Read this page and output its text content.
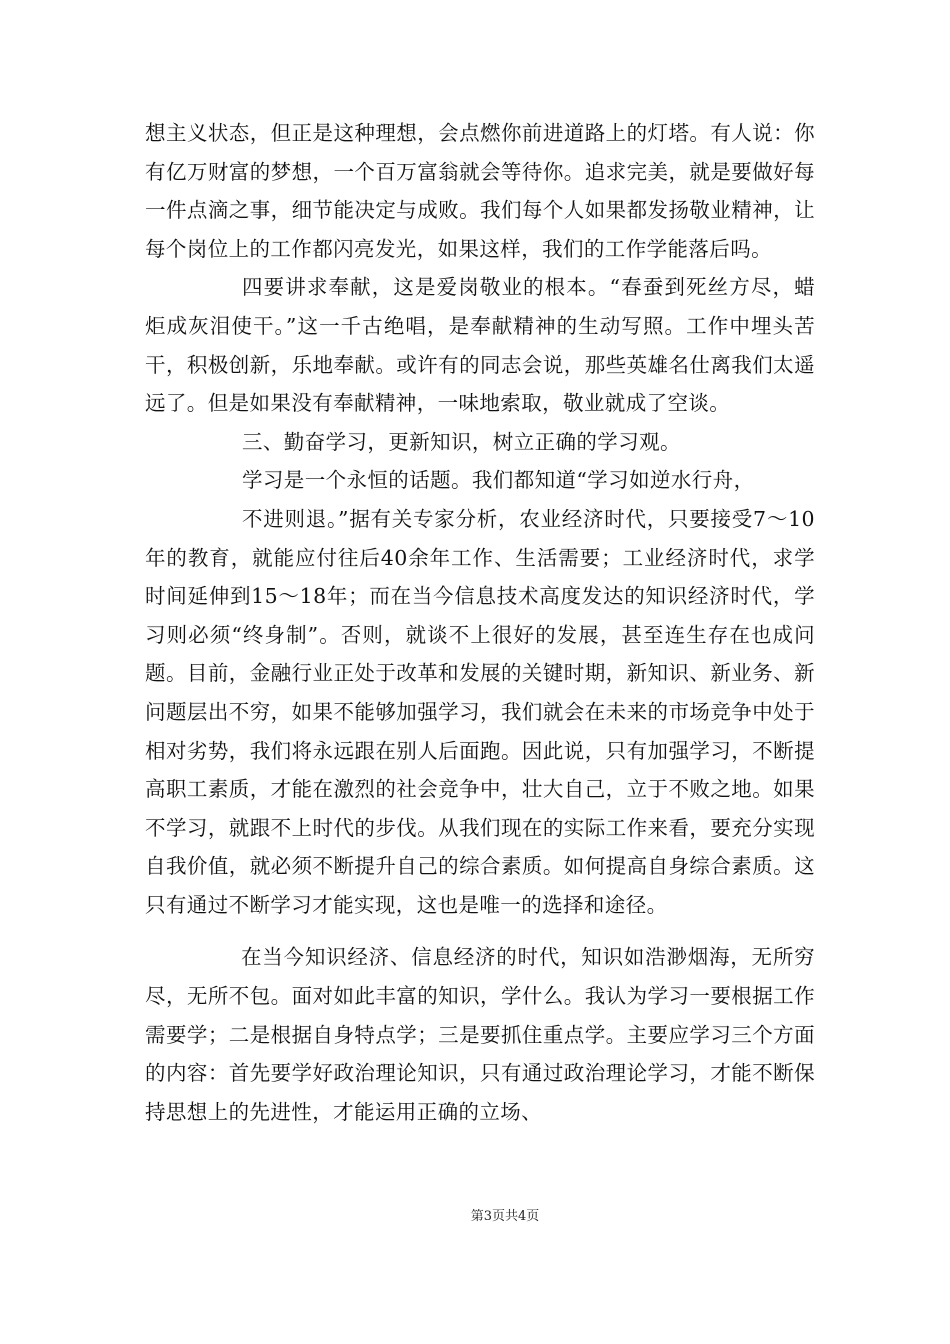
想主义状态，但正是这种理想，会点燃你前进道路上的灯塔。有人说：你有亿万财富的梦想，一个百万富翁就会等待你。追求完美，就是要做好每一件点滴之事，细节能决定与成败。我们每个人如果都发扬敬业精神，让每个岗位上的工作都闪亮发光，如果这样，我们的工作学能落后吗。

四要讲求奉献，这是爱岗敬业的根本。“春蚕到死丝方尽，蜡炬成灰泪使干。”这一千古绝唱，是奉献精神的生动写照。工作中埋头苦干，积极创新，乐地奉献。或许有的同志会说，那些英雄名仕离我们太遥远了。但是如果没有奉献精神，一味地索取，敬业就成了空谈。

三、勤奋学习，更新知识，树立正确的学习观。

学习是一个永恒的话题。我们都知道“学习如逆水行舟，

不进则退。”据有关专家分析，农业经济时代，只要接受7～10年的教育，就能应付往后40余年工作、生活需要；工业经济时代，求学时间延伸到15～18年；而在当今信息技术高度发达的知识经济时代，学习则必须“终身制”。否则，就谈不上很好的发展，甚至连生存在也成问题。目前，金融行业正处于改革和发展的关键时期，新知识、新业务、新问题层出不穷，如果不能够加强学习，我们就会在未来的市场竞争中处于相对劣势，我们将永远跟在别人后面跑。因此说，只有加强学习，不断提高职工素质，才能在激烈的社会竞争中，壮大自己，立于不败之地。如果不学习，就跟不上时代的步伐。从我们现在的实际工作来看，要充分实现自我价值，就必须不断提升自己的综合素质。如何提高自身综合素质。这只有通过不断学习才能实现，这也是唯一的选择和途径。

在当今知识经济、信息经济的时代，知识如浩渺烟海，无所穷尽，无所不包。面对如此丰富的知识，学什么。我认为学习一要根据工作需要学；二是根据自身特点学；三是要抓住重点学。主要应学习三个方面的内容：首先要学好政治理论知识，只有通过政治理论学习，才能不断保持思想上的先进性，才能运用正确的立场、

第3页共4页
